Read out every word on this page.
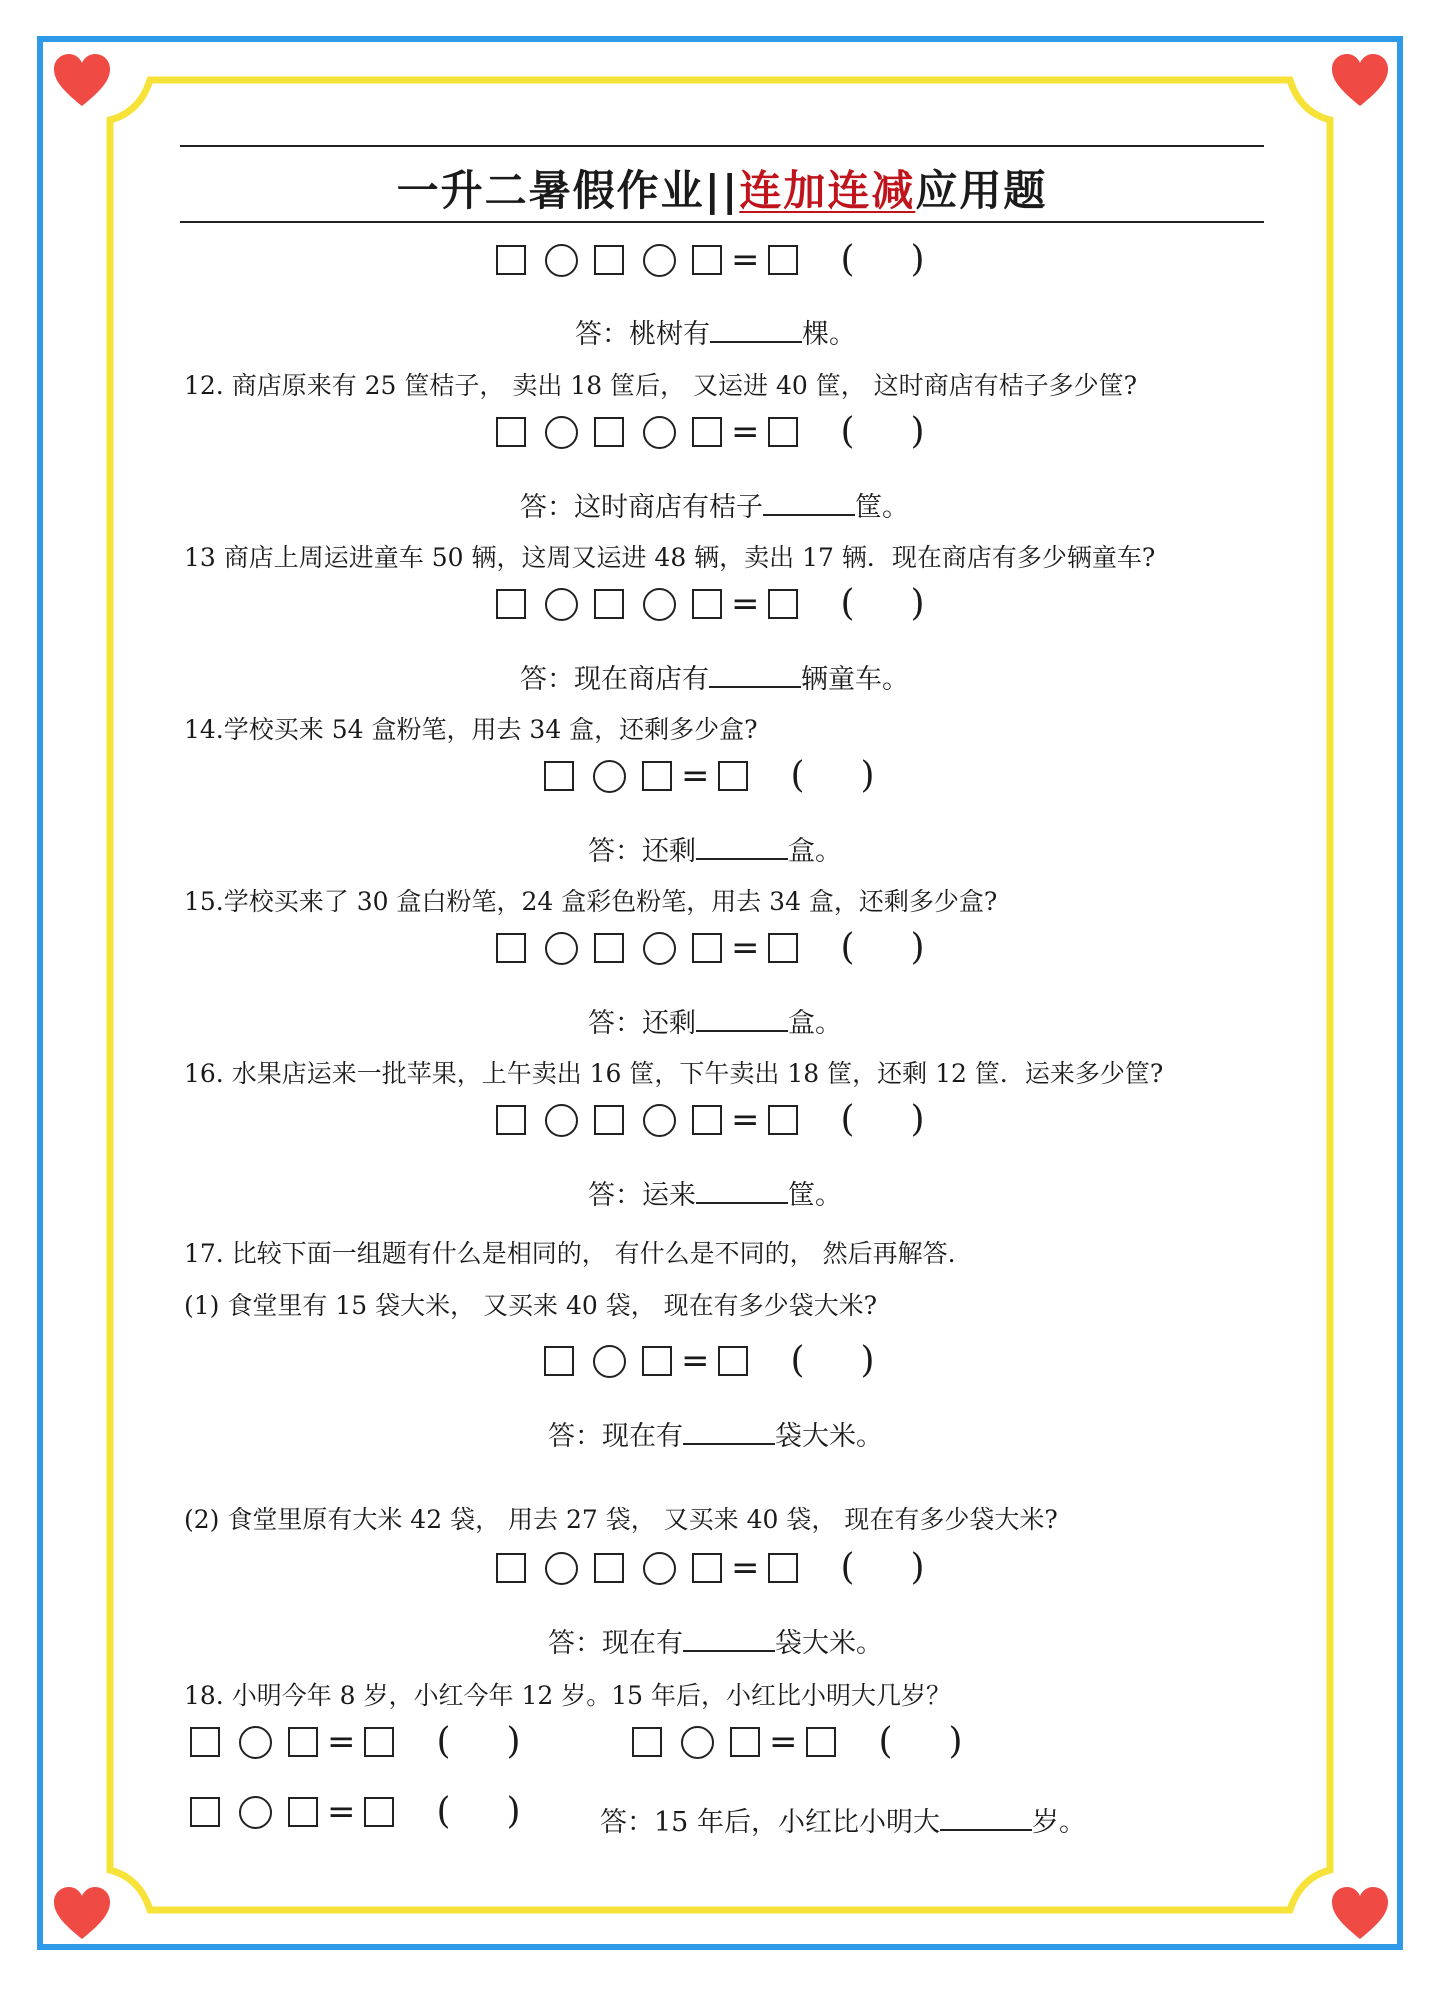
一升二暑假作业||连加连减应用题
= ( )
答：桃树有	棵。
12. 商店原来有 25 筐桔子， 卖出 18 筐后， 又运进 40 筐， 这时商店有桔子多少筐?
= ( )
答：这时商店有桔子	筐。
13 商店上周运进童车 50 辆，这周又运进 48 辆，卖出 17 辆．现在商店有多少辆童车?
= ( )
答：现在商店有	辆童车。
14.学校买来 54 盒粉笔，用去 34 盒，还剩多少盒?
= ( )
答：还剩	盒。
15.学校买来了 30 盒白粉笔，24 盒彩色粉笔，用去 34 盒，还剩多少盒?
= ( )
答：还剩	盒。
16. 水果店运来一批苹果，上午卖出 16 筐，下午卖出 18 筐，还剩 12 筐．运来多少筐?
= ( )
答：运来	筐。
17. 比较下面一组题有什么是相同的， 有什么是不同的， 然后再解答.
(1) 食堂里有 15 袋大米， 又买来 40 袋， 现在有多少袋大米?
= ( )
答：现在有	袋大米。
(2) 食堂里原有大米 42 袋， 用去 27 袋， 又买来 40 袋， 现在有多少袋大米?
= ( )
答：现在有	袋大米。
18. 小明今年 8 岁，小红今年 12 岁。15 年后，小红比小明大几岁？
= ( )	= ( )
= ( )	答：15 年后，小红比小明大	岁。
